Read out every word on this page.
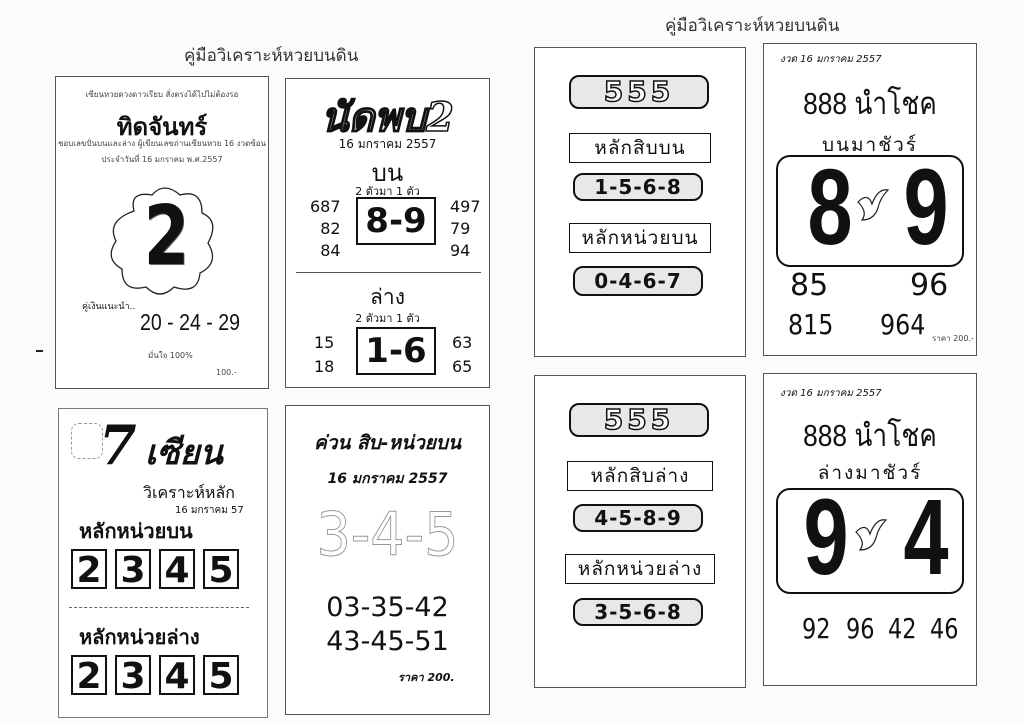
คู่มือวิเคราะห์หวยบนดิน
คู่มือวิเคราะห์หวยบนดิน
เซียนหวยดวงดาวเรียบ สั่งตรงได้ไปไม่ต้องรอ
ทิดจันทร์
ชอบเลขปั่นบนและล่าง ผู้เขียนเลขถ่านเซียนหวย 16 งวดซ้อน
ประจำวันที่ 16 มกราคม พ.ศ.2557
2
คู่เงินแนะนำ..
20 - 24 - 29
มั่นใจ 100%
100.-
นัดพบ2
16 มกราคม 2557
บน
2 ตัวมา 1 ตัว
8-9
687
82
84
497
79
94
ล่าง
2 ตัวมา 1 ตัว
1-6
15
18
63
65
555
หลักสิบบน
1-5-6-8
หลักหน่วยบน
0-4-6-7
งวด 16 มกราคม 2557
888 นำโชค
บนมาชัวร์
8 9
85	96
815 964 ราคา 200.-
7 เซียน
วิเคราะห์หลัก
16 มกราคม 57
หลักหน่วยบน
2 3 4 5
หลักหน่วยล่าง
2 3 4 5
ค่วน สิบ-หน่วยบน
16 มกราคม 2557
3-4-5
03-35-42
43-45-51
ราคา 200.
555
หลักสิบล่าง
4-5-8-9
หลักหน่วยล่าง
3-5-6-8
งวด 16 มกราคม 2557
888 นำโชค
ล่างมาชัวร์
9 4
92 96 42 46
